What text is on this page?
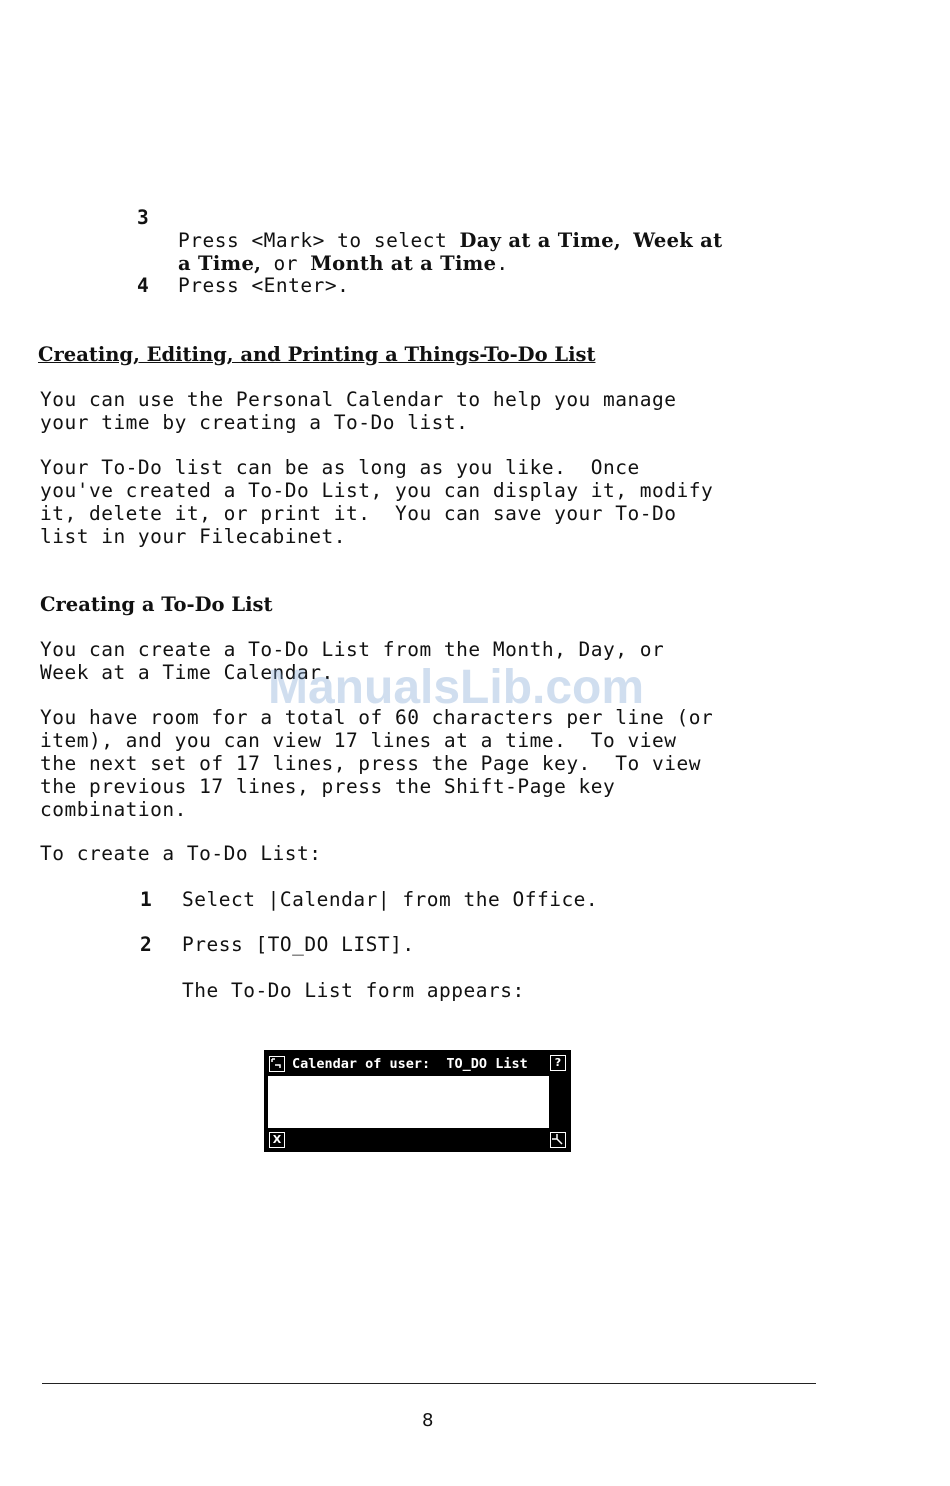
3

Press <Mark> to select Day at a Time, Week at
a Time, or Month at a Time.
4 Press <Enter>.
Creating, Editing, and Printing a Things-To-Do List
You can use the Personal Calendar to help you manage
your time by creating a To-Do list.
Your To-Do list can be as long as you like.  Once
you've created a To-Do List, you can display it, modify
it, delete it, or print it.  You can save your To-Do
list in your Filecabinet.
Creating a To-Do List
You can create a To-Do List from the Month, Day, or
Week at a Time Calendar.
ManualsLib.com
You have room for a total of 60 characters per line (or
item), and you can view 17 lines at a time.  To view
the next set of 17 lines, press the Page key.  To view
the previous 17 lines, press the Shift-Page key
combination.
To create a To-Do List:
1 Select |Calendar| from the Office.
2 Press [TO_DO LIST].
The To-Do List form appears:
Calendar of user:  TO_DO List	?
X
8
